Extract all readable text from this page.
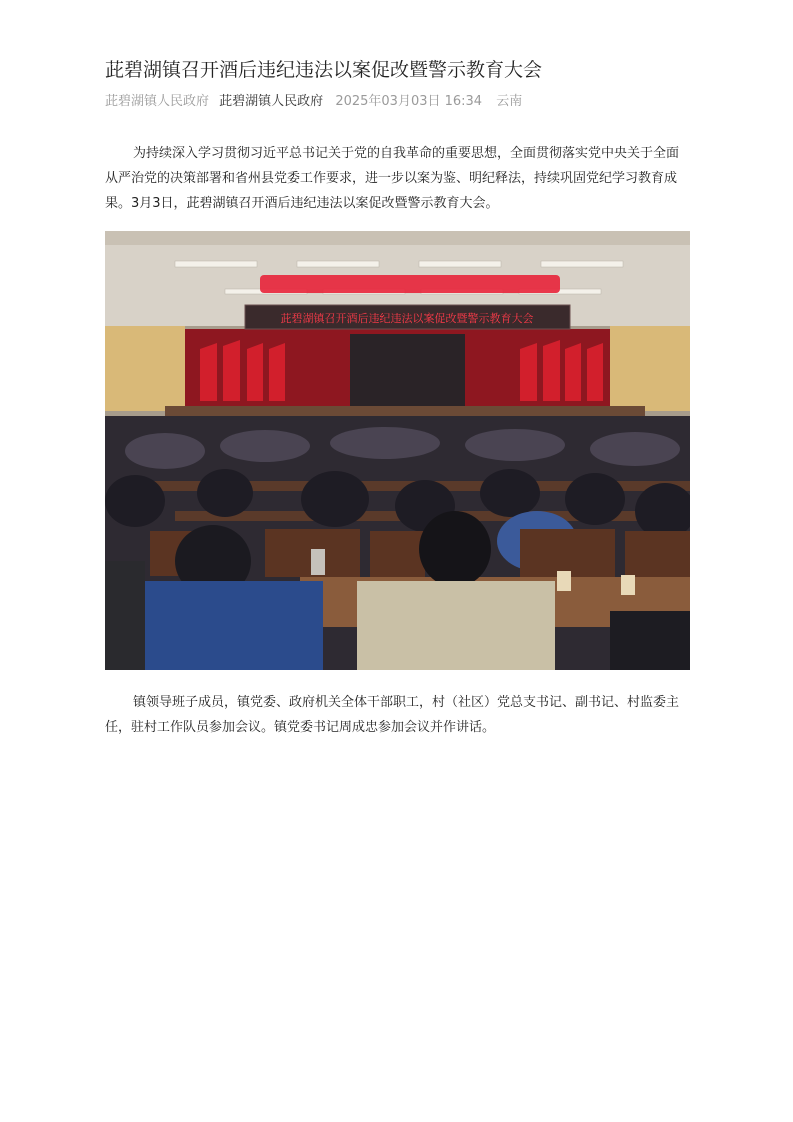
茈碧湖镇召开酒后违纪违法以案促改暨警示教育大会
茈碧湖镇人民政府 茈碧湖镇人民政府 2025年03月03日 16:34 云南

为持续深入学习贯彻习近平总书记关于党的自我革命的重要思想，全面贯彻落实党中央关于全面从严治党的决策部署和省州县党委工作要求，进一步以案为鉴、明纪释法，持续巩固党纪学习教育成果。3月3日，茈碧湖镇召开酒后违纪违法以案促改暨警示教育大会。

茈碧湖镇召开酒后违纪违法以案促改暨警示教育大会

镇领导班子成员，镇党委、政府机关全体干部职工，村（社区）党总支书记、副书记、村监委主任，驻村工作队员参加会议。镇党委书记周成忠参加会议并作讲话。
